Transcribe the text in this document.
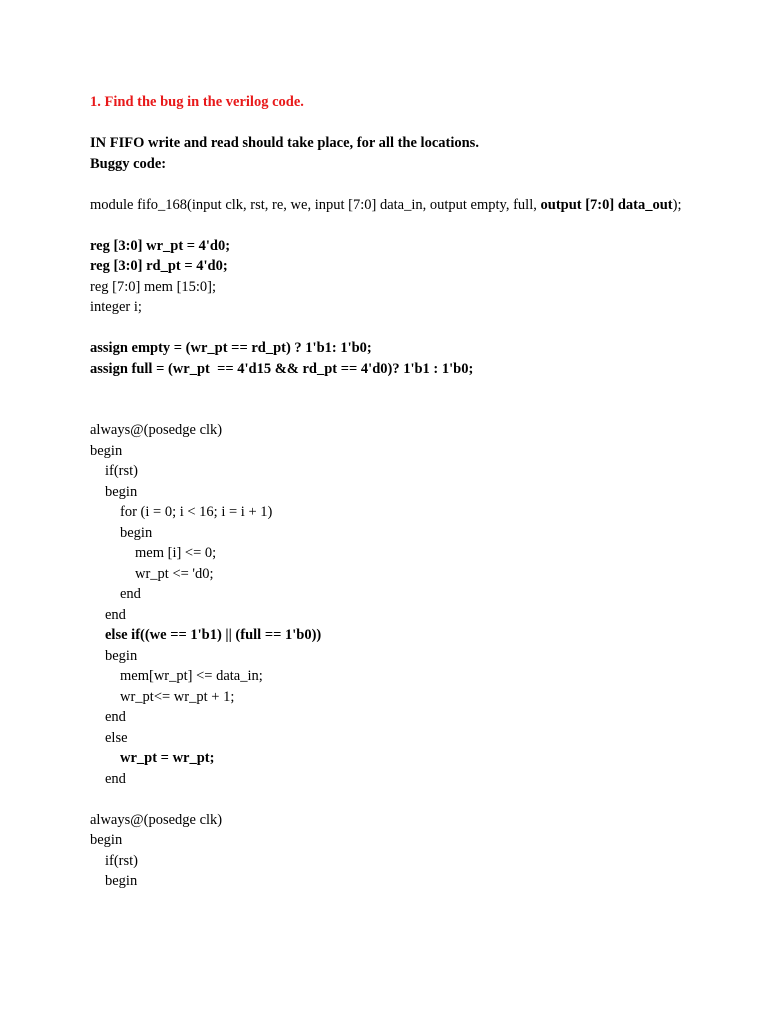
1. Find the bug in the verilog code.
IN FIFO write and read should take place, for all the locations.
Buggy code:
module fifo_168(input clk, rst, re, we, input [7:0] data_in, output empty, full, output [7:0] data_out);
reg [3:0] wr_pt = 4'd0;
reg [3:0] rd_pt = 4'd0;
reg [7:0] mem [15:0];
integer i;
assign empty = (wr_pt == rd_pt) ? 1'b1: 1'b0;
assign full = (wr_pt  == 4'd15 && rd_pt == 4'd0)? 1'b1 : 1'b0;
always@(posedge clk)
begin
if(rst)
begin
for (i = 0; i < 16; i = i + 1)
begin
mem [i] <= 0;
wr_pt <= 'd0;
end
end
else if((we == 1'b1) || (full == 1'b0))
begin
mem[wr_pt] <= data_in;
wr_pt<= wr_pt + 1;
end
else
wr_pt = wr_pt;
end
always@(posedge clk)
begin
if(rst)
begin
